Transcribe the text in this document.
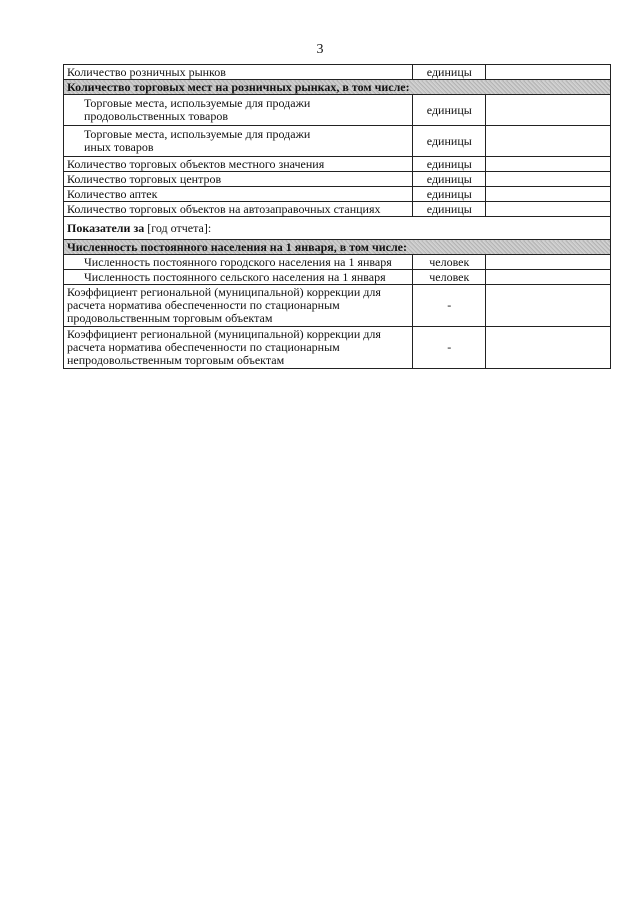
3
Количество розничных рынков	единицы	
Количество торговых мест на розничных рынках, в том числе:		

Торговые места, используемые для продажи
продовольственных товаров	единицы	

Торговые места, используемые для продажи
иных товаров	единицы	
Количество торговых объектов местного значения	единицы	
Количество торговых центров	единицы	
Количество аптек	единицы	
Количество торговых объектов на автозаправочных станциях	единицы	
Показатели за [год отчета]:		
Численность постоянного населения на 1 января, в том числе:		
Численность постоянного городского населения на 1 января	человек	
Численность постоянного сельского населения на 1 января	человек	

Коэффициент региональной (муниципальной) коррекции для
расчета норматива обеспеченности по стационарным
продовольственным торговым объектам	-	

Коэффициент региональной (муниципальной) коррекции для
расчета норматива обеспеченности по стационарным
непродовольственным торговым объектам	-	
